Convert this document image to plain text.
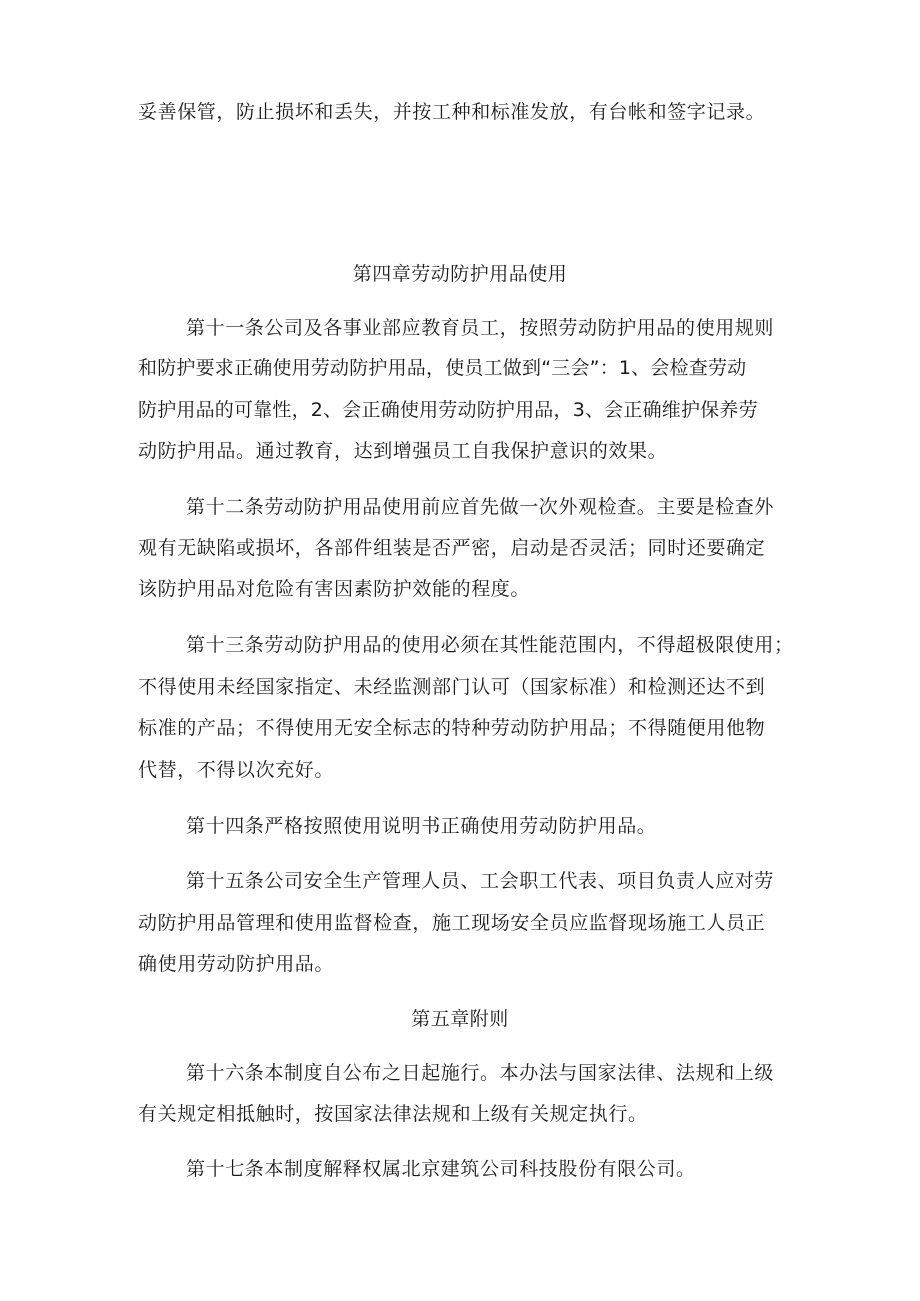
妥善保管，防止损坏和丢失，并按工种和标准发放，有台帐和签字记录。
第四章劳动防护用品使用
第十一条公司及各事业部应教育员工，按照劳动防护用品的使用规则
和防护要求正确使用劳动防护用品，使员工做到“三会”：1、会检查劳动
防护用品的可靠性，2、会正确使用劳动防护用品，3、会正确维护保养劳
动防护用品。通过教育，达到增强员工自我保护意识的效果。
第十二条劳动防护用品使用前应首先做一次外观检查。主要是检查外
观有无缺陷或损坏，各部件组装是否严密，启动是否灵活；同时还要确定
该防护用品对危险有害因素防护效能的程度。
第十三条劳动防护用品的使用必须在其性能范围内，不得超极限使用；
不得使用未经国家指定、未经监测部门认可（国家标准）和检测还达不到
标准的产品；不得使用无安全标志的特种劳动防护用品；不得随便用他物
代替，不得以次充好。
第十四条严格按照使用说明书正确使用劳动防护用品。
第十五条公司安全生产管理人员、工会职工代表、项目负责人应对劳
动防护用品管理和使用监督检查，施工现场安全员应监督现场施工人员正
确使用劳动防护用品。
第五章附则
第十六条本制度自公布之日起施行。本办法与国家法律、法规和上级
有关规定相抵触时，按国家法律法规和上级有关规定执行。
第十七条本制度解释权属北京建筑公司科技股份有限公司。
